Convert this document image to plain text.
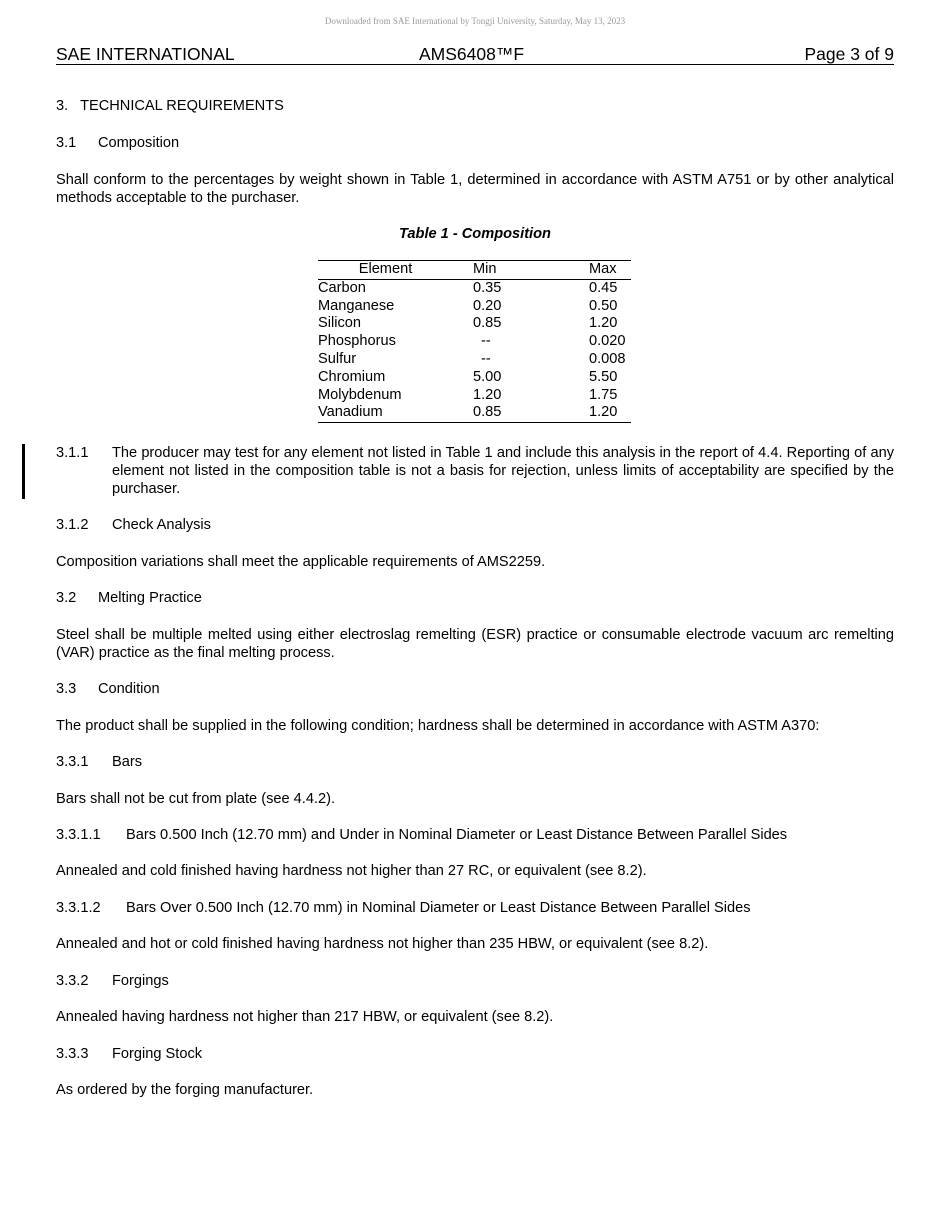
Downloaded from SAE International by Tongji University, Saturday, May 13, 2023
SAE INTERNATIONAL	AMS6408™F	Page 3 of 9
3.   TECHNICAL REQUIREMENTS
3.1 Composition
Shall conform to the percentages by weight shown in Table 1, determined in accordance with ASTM A751 or by other analytical methods acceptable to the purchaser.
Table 1 - Composition
Element	Min	Max
Carbon	0.35	0.45
Manganese	0.20	0.50
Silicon	0.85	1.20
Phosphorus	--	0.020
Sulfur	--	0.008
Chromium	5.00	5.50
Molybdenum	1.20	1.75
Vanadium	0.85	1.20
3.1.1 The producer may test for any element not listed in Table 1 and include this analysis in the report of 4.4. Reporting of any element not listed in the composition table is not a basis for rejection, unless limits of acceptability are specified by the purchaser.
3.1.2 Check Analysis
Composition variations shall meet the applicable requirements of AMS2259.
3.2 Melting Practice
Steel shall be multiple melted using either electroslag remelting (ESR) practice or consumable electrode vacuum arc remelting (VAR) practice as the final melting process.
3.3 Condition
The product shall be supplied in the following condition; hardness shall be determined in accordance with ASTM A370:
3.3.1 Bars
Bars shall not be cut from plate (see 4.4.2).
3.3.1.1 Bars 0.500 Inch (12.70 mm) and Under in Nominal Diameter or Least Distance Between Parallel Sides
Annealed and cold finished having hardness not higher than 27 RC, or equivalent (see 8.2).
3.3.1.2 Bars Over 0.500 Inch (12.70 mm) in Nominal Diameter or Least Distance Between Parallel Sides
Annealed and hot or cold finished having hardness not higher than 235 HBW, or equivalent (see 8.2).
3.3.2 Forgings
Annealed having hardness not higher than 217 HBW, or equivalent (see 8.2).
3.3.3 Forging Stock
As ordered by the forging manufacturer.
